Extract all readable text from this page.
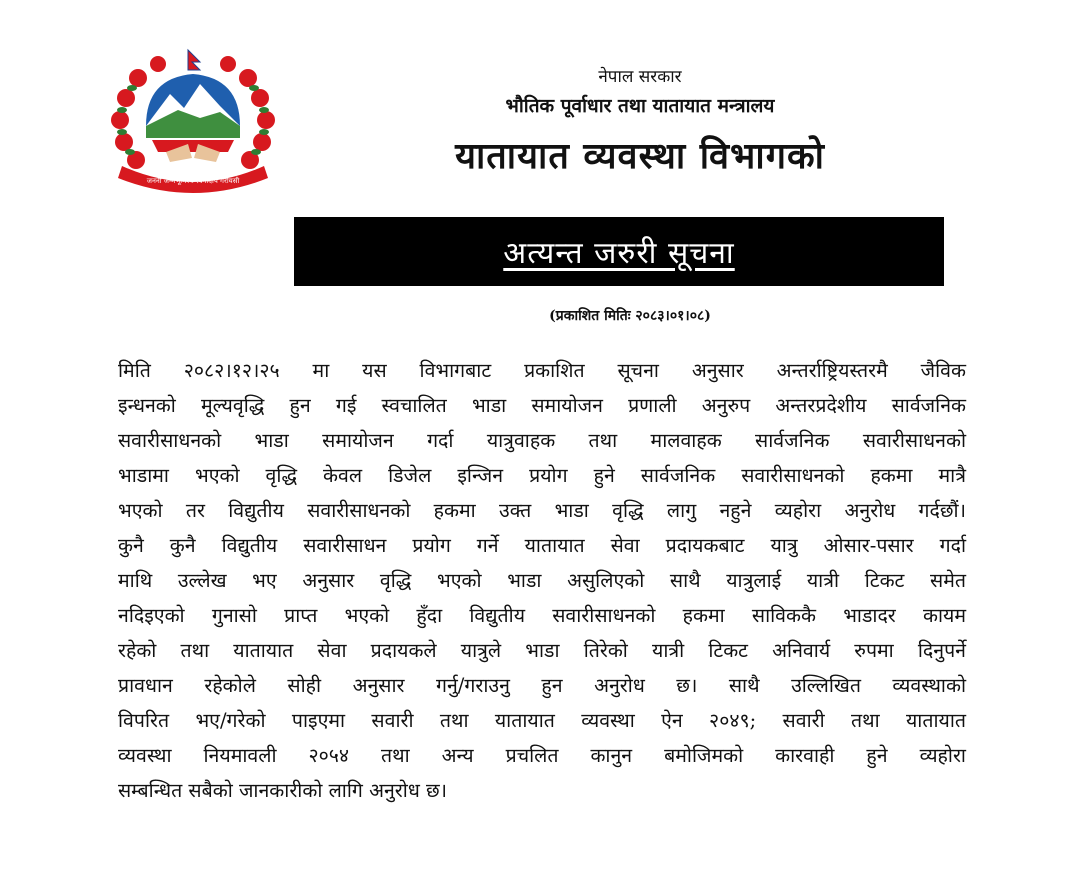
जननी जन्मभूमिश्च स्वर्गादपि गरीयसी
नेपाल सरकार
भौतिक पूर्वाधार तथा यातायात मन्त्रालय
यातायात व्यवस्था विभागको
अत्यन्त जरुरी सूचना
(प्रकाशित मितिः २०८३।०१।०८)
मिति २०८२।१२।२५ मा यस विभागबाट प्रकाशित सूचना अनुसार अन्तर्राष्ट्रियस्तरमै जैविक
इन्धनको मूल्यवृद्धि हुन गई स्वचालित भाडा समायोजन प्रणाली अनुरुप अन्तरप्रदेशीय सार्वजनिक
सवारीसाधनको भाडा समायोजन गर्दा यात्रुवाहक तथा मालवाहक सार्वजनिक सवारीसाधनको
भाडामा भएको वृद्धि केवल डिजेल इन्जिन प्रयोग हुने सार्वजनिक सवारीसाधनको हकमा मात्रै
भएको तर विद्युतीय सवारीसाधनको हकमा उक्त भाडा वृद्धि लागु नहुने व्यहोरा अनुरोध गर्दछौं।
कुनै कुनै विद्युतीय सवारीसाधन प्रयोग गर्ने यातायात सेवा प्रदायकबाट यात्रु ओसार-पसार गर्दा
माथि उल्लेख भए अनुसार वृद्धि भएको भाडा असुलिएको साथै यात्रुलाई यात्री टिकट समेत
नदिइएको गुनासो प्राप्त भएको हुँदा विद्युतीय सवारीसाधनको हकमा साविककै भाडादर कायम
रहेको तथा यातायात सेवा प्रदायकले यात्रुले भाडा तिरेको यात्री टिकट अनिवार्य रुपमा दिनुपर्ने
प्रावधान रहेकोले सोही अनुसार गर्नु/गराउनु हुन अनुरोध छ। साथै उल्लिखित व्यवस्थाको
विपरित भए/गरेको पाइएमा सवारी तथा यातायात व्यवस्था ऐन २०४९; सवारी तथा यातायात
व्यवस्था नियमावली २०५४ तथा अन्य प्रचलित कानुन बमोजिमको कारवाही हुने व्यहोरा
सम्बन्धित सबैको जानकारीको लागि अनुरोध छ।
